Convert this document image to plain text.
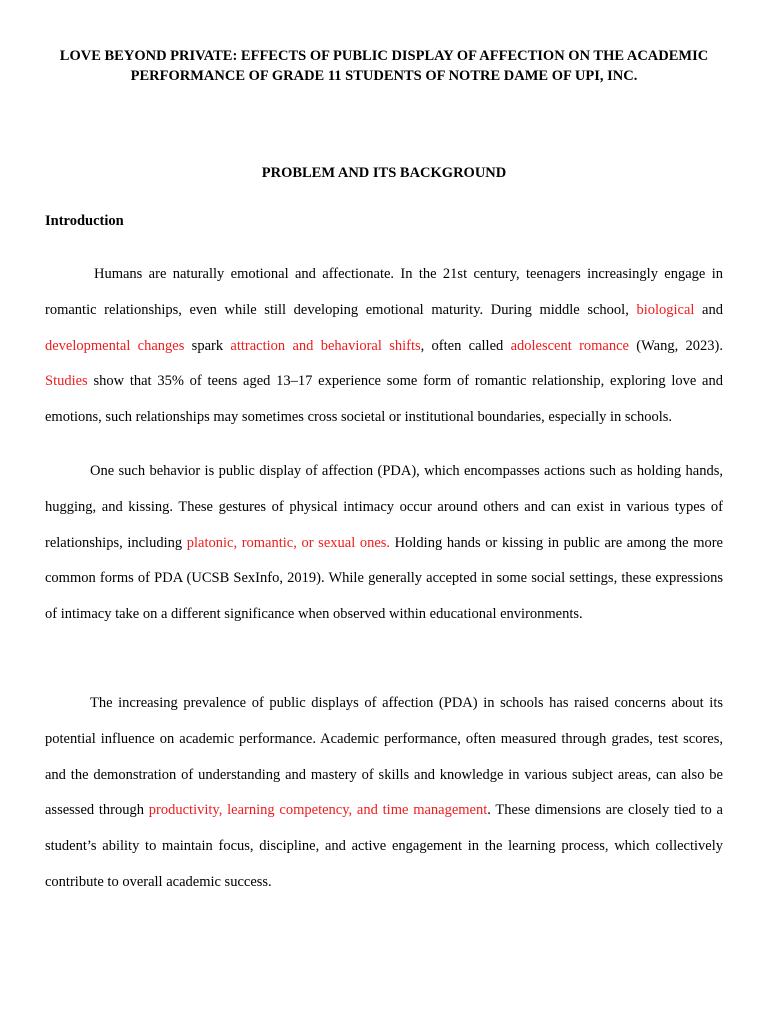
LOVE BEYOND PRIVATE: EFFECTS OF PUBLIC DISPLAY OF AFFECTION ON THE ACADEMIC PERFORMANCE OF GRADE 11 STUDENTS OF NOTRE DAME OF UPI, INC.
PROBLEM AND ITS BACKGROUND
Introduction

Humans are naturally emotional and affectionate. In the 21st century, teenagers increasingly engage in romantic relationships, even while still developing emotional maturity. During middle school, biological and developmental changes spark attraction and behavioral shifts, often called adolescent romance (Wang, 2023). Studies show that 35% of teens aged 13–17 experience some form of romantic relationship, exploring love and emotions, such relationships may sometimes cross societal or institutional boundaries, especially in schools.

One such behavior is public display of affection (PDA), which encompasses actions such as holding hands, hugging, and kissing. These gestures of physical intimacy occur around others and can exist in various types of relationships, including platonic, romantic, or sexual ones. Holding hands or kissing in public are among the more common forms of PDA (UCSB SexInfo, 2019). While generally accepted in some social settings, these expressions of intimacy take on a different significance when observed within educational environments.

The increasing prevalence of public displays of affection (PDA) in schools has raised concerns about its potential influence on academic performance. Academic performance, often measured through grades, test scores, and the demonstration of understanding and mastery of skills and knowledge in various subject areas, can also be assessed through productivity, learning competency, and time management. These dimensions are closely tied to a student’s ability to maintain focus, discipline, and active engagement in the learning process, which collectively contribute to overall academic success.
